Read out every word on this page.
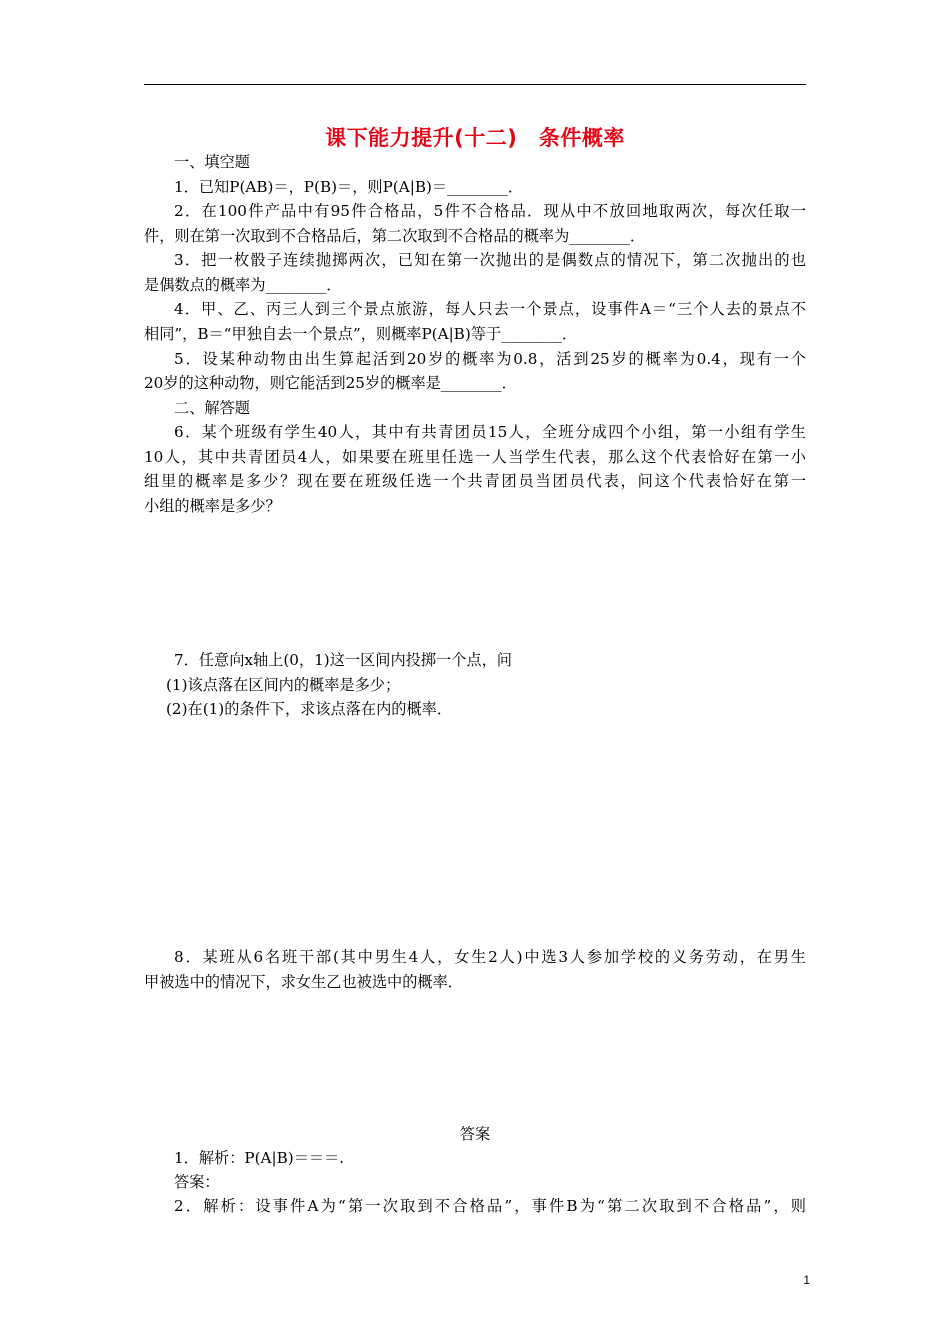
课下能力提升(十二)　条件概率
一、填空题
1．已知P(AB)＝，P(B)＝，则P(A|B)＝________．
2．在100件产品中有95件合格品，5件不合格品．现从中不放回地取两次，每次任取一
件，则在第一次取到不合格品后，第二次取到不合格品的概率为________．
3．把一枚骰子连续抛掷两次，已知在第一次抛出的是偶数点的情况下，第二次抛出的也
是偶数点的概率为________．
4．甲、乙、丙三人到三个景点旅游，每人只去一个景点，设事件A＝“三个人去的景点不
相同”，B＝“甲独自去一个景点”，则概率P(A|B)等于________．
5．设某种动物由出生算起活到20岁的概率为0.8，活到25岁的概率为0.4，现有一个
20岁的这种动物，则它能活到25岁的概率是________．
二、解答题
6．某个班级有学生40人，其中有共青团员15人，全班分成四个小组，第一小组有学生
10人，其中共青团员4人，如果要在班里任选一人当学生代表，那么这个代表恰好在第一小
组里的概率是多少？现在要在班级任选一个共青团员当团员代表，问这个代表恰好在第一
小组的概率是多少？
7．任意向x轴上(0，1)这一区间内投掷一个点，问
(1)该点落在区间内的概率是多少；
(2)在(1)的条件下，求该点落在内的概率．
8．某班从6名班干部(其中男生4人，女生2人)中选3人参加学校的义务劳动，在男生
甲被选中的情况下，求女生乙也被选中的概率．
答案
1．解析：P(A|B)＝＝＝.
答案：
2．解析：设事件A为“第一次取到不合格品”，事件B为“第二次取到不合格品”，则
1
